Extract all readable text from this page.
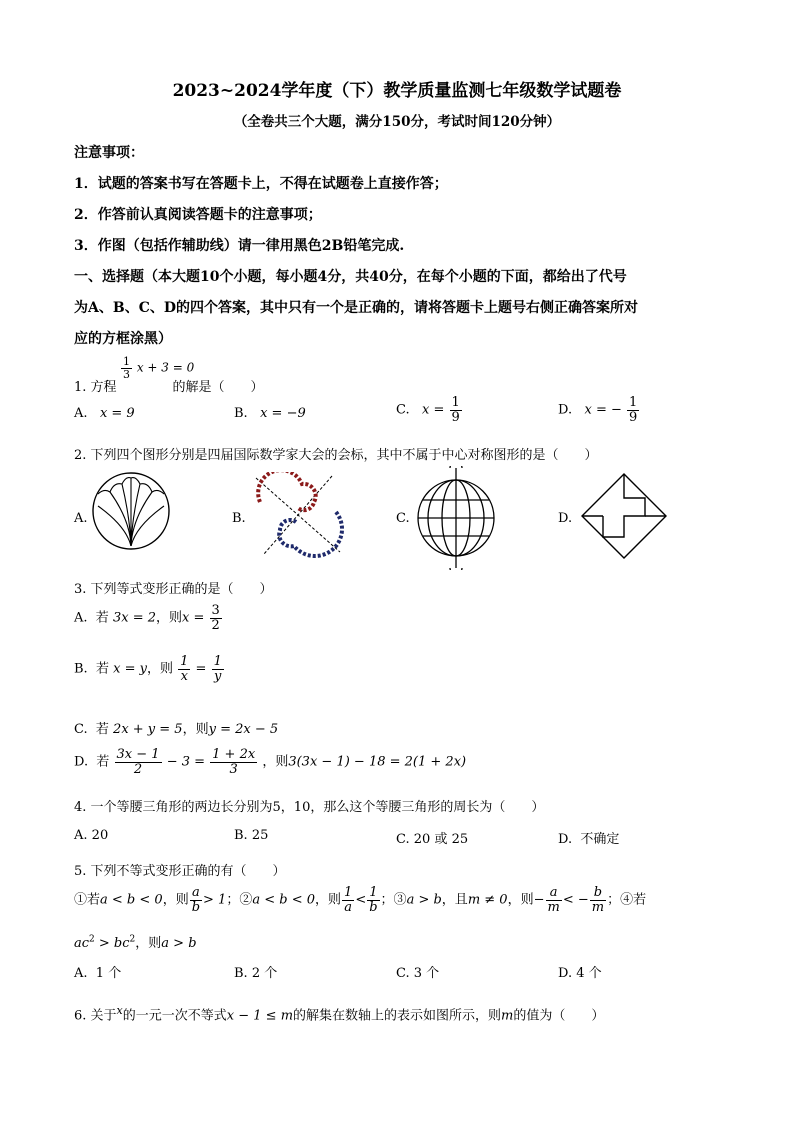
2023~2024学年度（下）教学质量监测七年级数学试题卷
（全卷共三个大题，满分150分，考试时间120分钟）
注意事项：
1．试题的答案书写在答题卡上，不得在试题卷上直接作答；
2．作答前认真阅读答题卡的注意事项；
3．作图（包括作辅助线）请一律用黑色2B铅笔完成.
一、选择题（本大题10个小题，每小题4分，共40分，在每个小题的下面，都给出了代号
为A、B、C、D的四个答案，其中只有一个是正确的，请将答题卡上题号右侧正确答案所对
应的方框涂黑）
$\frac{1}{3}$ x + 3 = 0
1. 方程	的解是（　　）
A. x = 9	B. x = −9	C. $x = \frac{1}{9}$	D. x = − $\frac{1}{9}$
2. 下列四个图形分别是四届国际数学家大会的会标，其中不属于中心对称图形的是（　　）
A.	B.	C.	D.
3. 下列等式变形正确的是（　　）
A. 若 3x = 2，则$x = \frac{3}{2}$
B. 若 x = y，则 $\frac{1}{x} = \frac{1}{y}$
C. 若 2x + y = 5，则y = 2x − 5
D. 若 $\frac{3x - 1}{2} - 3 = \frac{1 + 2x}{3}$ ，则3(3x − 1) − 18 = 2(1 + 2x)
4. 一个等腰三角形的两边长分别为5，10，那么这个等腰三角形的周长为（　　）
A. 20	B. 25	C. 20 或 25	D. 不确定
5. 下列不等式变形正确的有（　　）
①若a < b < 0，则 $\frac{a}{b} > 1$；②a < b < 0，则 $\frac{1}{a} < \frac{1}{b}$ ；③a > b，且m ≠ 0，则− $\frac{a}{m}$ < − $\frac{b}{m}$ ；④若
$ac^2 > bc^2$，则a > b
A. 1 个	B. 2 个	C. 3 个	D. 4 个
6. 关于$^x$的一元一次不等式x − 1 ≤ m的解集在数轴上的表示如图所示，则m的值为（　　）
